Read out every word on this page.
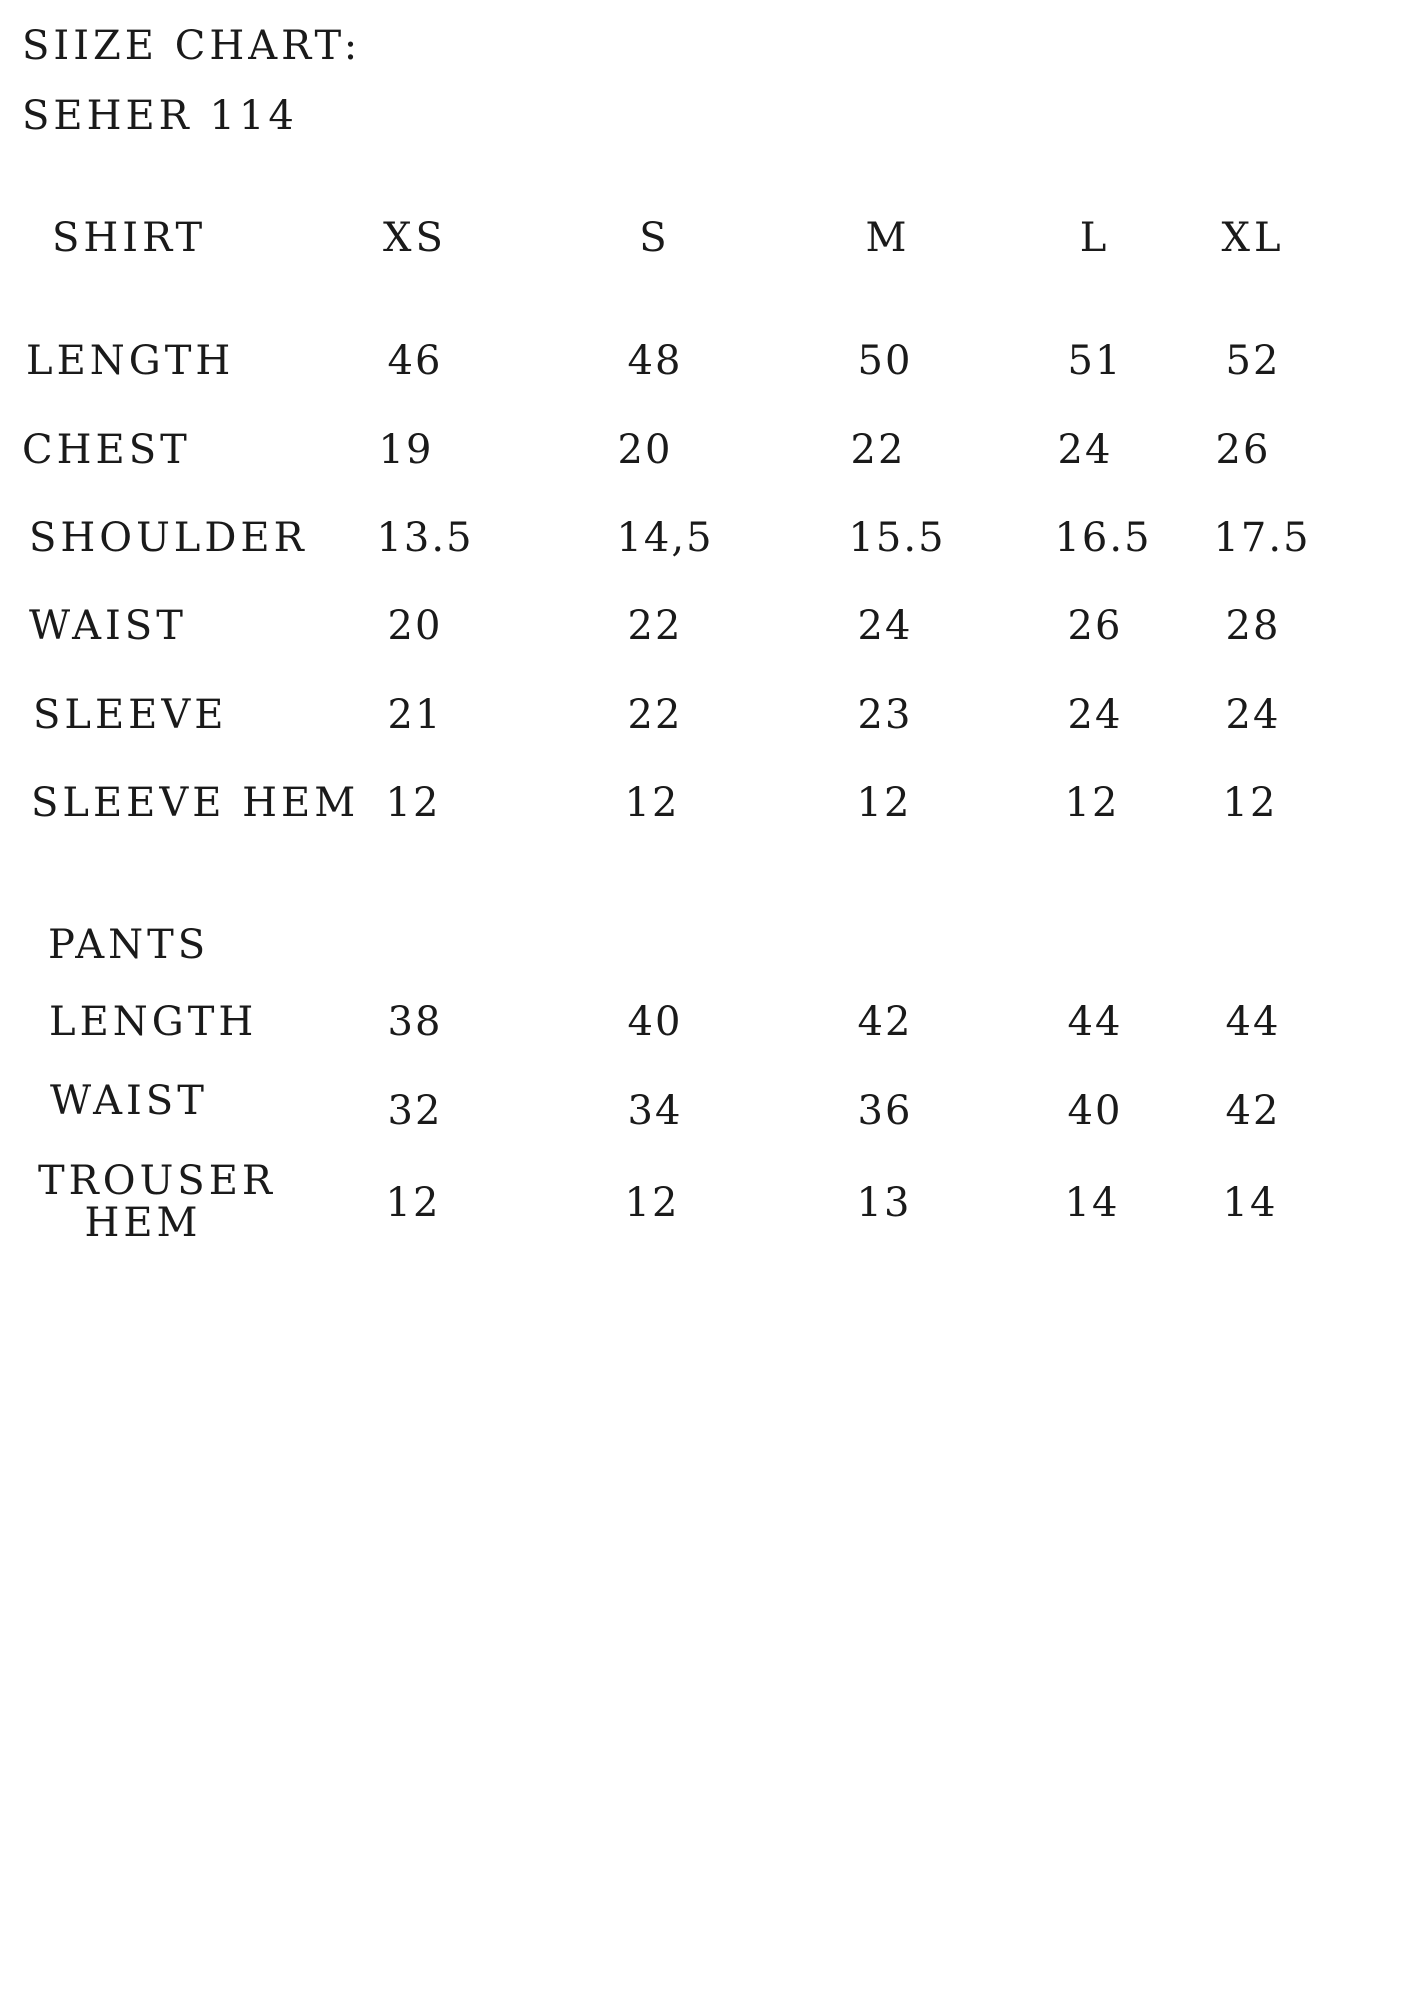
SIIZE CHART:
SEHER 114
SHIRT	XS	S	M	L	XL
LENGTH	46	48	50	51	52
CHEST	19	20	22	24	26
SHOULDER 13.5	14,5	15.5	16.5 17.5
WAIST	20	22	24	26	28
SLEEVE	21	22	23	24	24
SLEEVE HEM 12	12	12	12	12
PANTS
LENGTH	38	40	42	44	44
WAIST	32	34	36	40	42
TROUSER
HEM	12	12	13	14	14
